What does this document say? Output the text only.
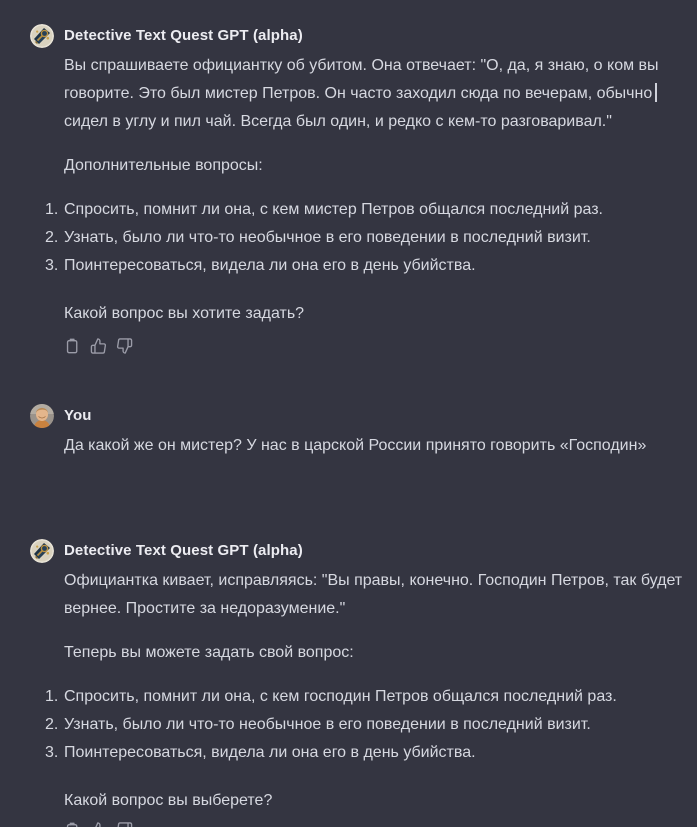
Detective Text Quest GPT (alpha)
Вы спрашиваете официантку об убитом. Она отвечает: "О, да, я знаю, о ком вы
говорите. Это был мистер Петров. Он часто заходил сюда по вечерам, обычно
сидел в углу и пил чай. Всегда был один, и редко с кем-то разговаривал."
Дополнительные вопросы:
1. Спросить, помнит ли она, с кем мистер Петров общался последний раз.
2. Узнать, было ли что-то необычное в его поведении в последний визит.
3. Поинтересоваться, видела ли она его в день убийства.
Какой вопрос вы хотите задать?
You
Да какой же он мистер? У нас в царской России принято говорить «Господин»
Detective Text Quest GPT (alpha)
Официантка кивает, исправляясь: "Вы правы, конечно. Господин Петров, так будет
вернее. Простите за недоразумение."
Теперь вы можете задать свой вопрос:
1. Спросить, помнит ли она, с кем господин Петров общался последний раз.
2. Узнать, было ли что-то необычное в его поведении в последний визит.
3. Поинтересоваться, видела ли она его в день убийства.
Какой вопрос вы выберете?
